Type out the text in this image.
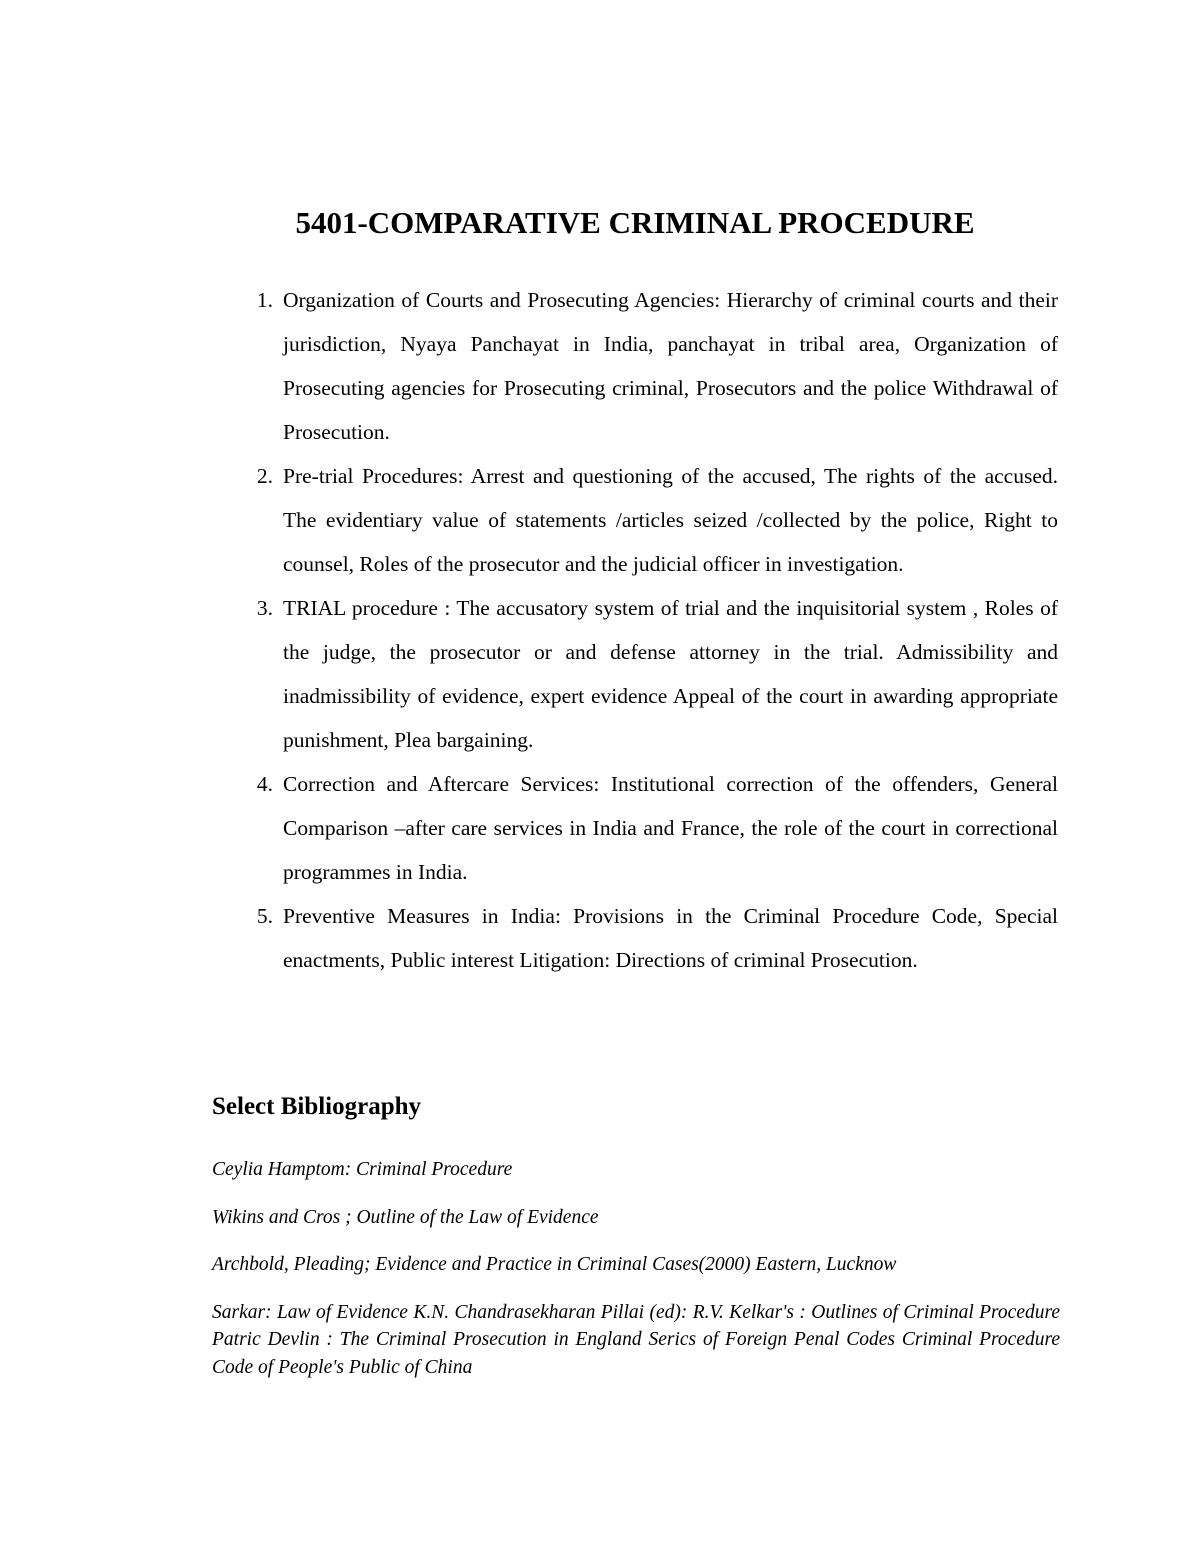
5401-COMPARATIVE CRIMINAL PROCEDURE
1. Organization of Courts and Prosecuting Agencies: Hierarchy of criminal courts and their jurisdiction, Nyaya Panchayat in India, panchayat in tribal area, Organization of Prosecuting agencies for Prosecuting criminal, Prosecutors and the police Withdrawal of Prosecution.
2. Pre-trial Procedures: Arrest and questioning of the accused, The rights of the accused. The evidentiary value of statements /articles seized /collected by the police, Right to counsel, Roles of the prosecutor and the judicial officer in investigation.
3. TRIAL procedure : The accusatory system of trial and the inquisitorial system , Roles of the judge, the prosecutor or and defense attorney in the trial. Admissibility and inadmissibility of evidence, expert evidence Appeal of the court in awarding appropriate punishment, Plea bargaining.
4. Correction and Aftercare Services: Institutional correction of the offenders, General Comparison –after care services in India and France, the role of the court in correctional programmes in India.
5. Preventive Measures in India: Provisions in the Criminal Procedure Code, Special enactments, Public interest Litigation: Directions of criminal Prosecution.
Select Bibliography
Ceylia Hamptom: Criminal Procedure
Wikins and Cros ; Outline of the Law of Evidence
Archbold, Pleading; Evidence and Practice in Criminal Cases(2000) Eastern, Lucknow
Sarkar: Law of Evidence K.N. Chandrasekharan Pillai (ed): R.V. Kelkar's : Outlines of Criminal Procedure Patric Devlin : The Criminal Prosecution in England Serics of Foreign Penal Codes Criminal Procedure Code of People's Public of China
